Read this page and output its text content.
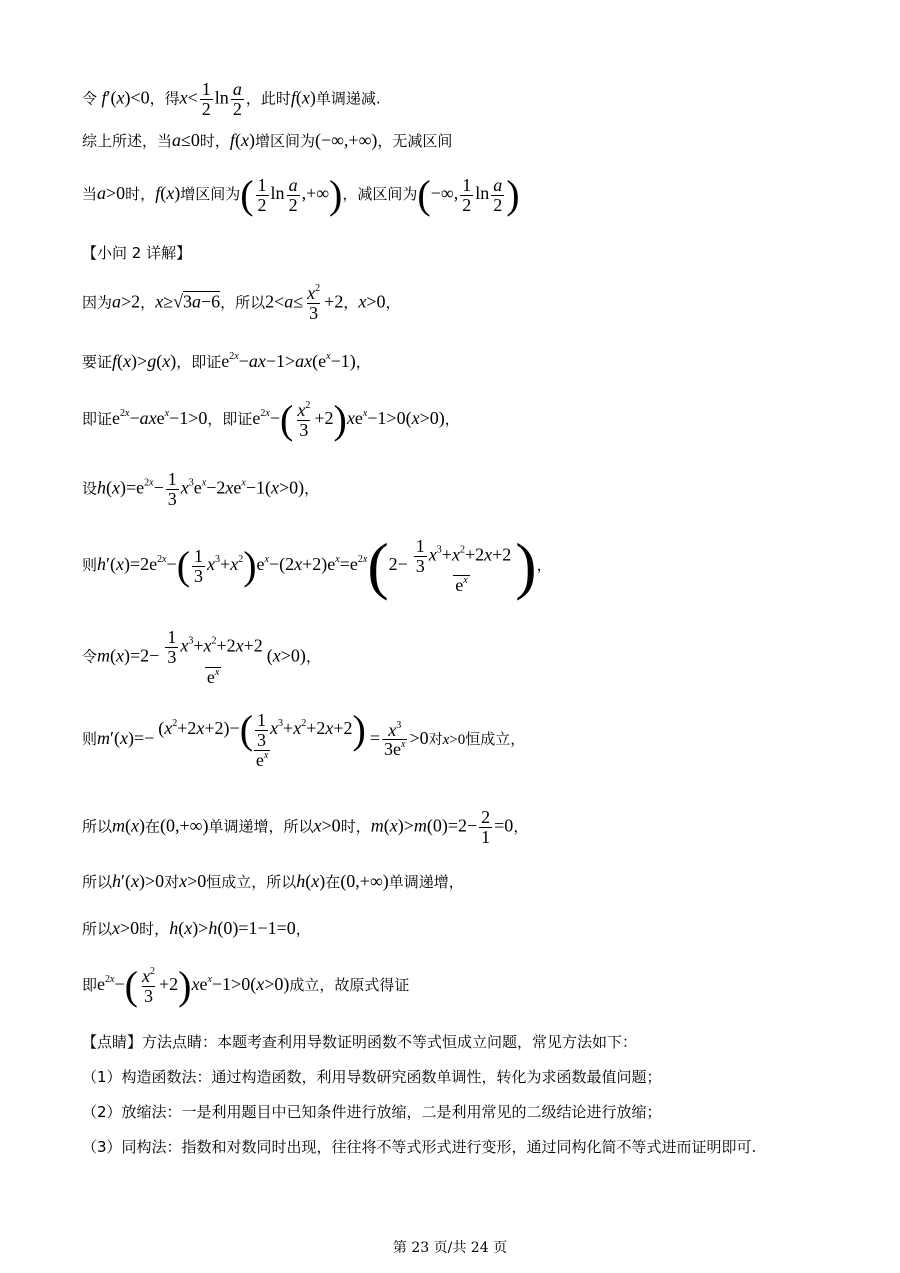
令 f′(x)<0，得$x< \frac{1}{2}$ $\ln \frac{a}{2}$ ，此时f(x)单调递减.
综上所述，当a≤0时，f(x)增区间为(−∞,+∞)，无减区间
当a>0时，f(x)增区间为( $\frac{1}{2}$ $\ln \frac{a}{2}$ ,+∞)，减区间为(−∞, $\frac{1}{2}$ $\ln \frac{a}{2}$ )
【小问 2 详解】
因为a>2，x≥√3a−6，所以$2<a\le \frac{x^2}{3} +2$，x>0，
要证f(x)>g(x)，即证$e^{2x}-ax-1>ax(e^x-1)$，
即证$e^{2x}-axe^x-1>0$，即证$e^{2x}-( \frac{x^2}{3} +2)xe^x-1>0(x>0)$，
设$h(x)=e^{2x}- \frac{1}{3} x^3e^x-2xe^x-1(x>0)$，
则$h'(x)=2e^{2x}-( \frac{1}{3} x^3+x^2)e^x-(2x+2)e^x=e^{2x}(2- \frac{\frac{1}{3} x^3+x^2+2x+2}{e^x}$ )，
令$m(x)=2- \frac{\frac{1}{3} x^3+x^2+2x+2}{e^x} (x>0)$，
则$m'(x)=- \frac{(x^2+2x+2)-( \frac{1}{3} x^3+x^2+2x+2)}{e^x} = \frac{x^3}{3e^x} >0$对x>0恒成立，
所以m(x)在(0,+∞)单调递增，所以x>0时，$m(x)>m(0)=2- \frac{2}{1} =0$，
所以h′(x)>0对x>0恒成立，所以h(x)在(0,+∞)单调递增，
所以x>0时，h(x)>h(0)=1−1=0，
即$e^{2x}-( \frac{x^2}{3} +2)xe^x-1>0(x>0)$成立，故原式得证
【点睛】方法点睛：本题考查利用导数证明函数不等式恒成立问题，常见方法如下：
（1）构造函数法：通过构造函数，利用导数研究函数单调性，转化为求函数最值问题；
（2）放缩法：一是利用题目中已知条件进行放缩，二是利用常见的二级结论进行放缩；
（3）同构法：指数和对数同时出现，往往将不等式形式进行变形，通过同构化简不等式进而证明即可.
第 23 页/共 24 页
